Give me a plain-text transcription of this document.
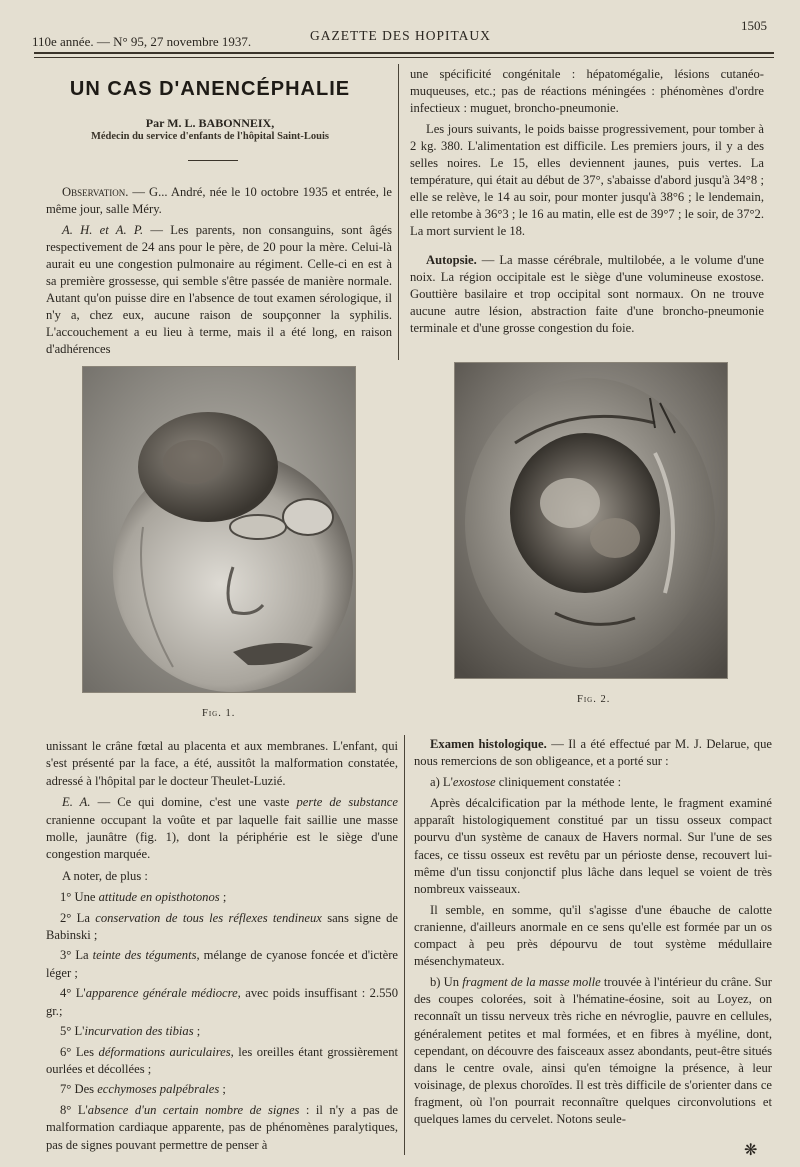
110e année. — N° 95, 27 novembre 1937.	GAZETTE DES HOPITAUX
1505
UN CAS D'ANENCÉPHALIE
Par M. L. BABONNEIX,
Médecin du service d'enfants de l'hôpital Saint-Louis

Observation. — G... André, née le 10 octobre 1935 et entrée, le même jour, salle Méry.

A. H. et A. P. — Les parents, non consanguins, sont âgés respectivement de 24 ans pour le père, de 20 pour la mère. Celui-là aurait eu une congestion pulmonaire au régiment. Celle-ci en est à sa première grossesse, qui semble s'être passée de manière normale. Autant qu'on puisse dire en l'absence de tout examen sérologique, il n'y a, chez eux, aucune raison de soupçonner la syphilis. L'accouchement a eu lieu à terme, mais il a été long, en raison d'adhérences

une spécificité congénitale : hépatomégalie, lésions cutanéo-muqueuses, etc.; pas de réactions méningées : phénomènes d'ordre infectieux : muguet, broncho-pneumonie.

Les jours suivants, le poids baisse progressivement, pour tomber à 2 kg. 380. L'alimentation est difficile. Les premiers jours, il y a des selles noires. Le 15, elles deviennent jaunes, puis vertes. La température, qui était au début de 37°, s'abaisse d'abord jusqu'à 34°8 ; elle se relève, le 14 au soir, pour monter jusqu'à 38°6 ; le lendemain, elle retombe à 36°3 ; le 16 au matin, elle est de 39°7 ; le soir, de 37°2. La mort survient le 18.

Autopsie. — La masse cérébrale, multilobée, a le volume d'une noix. La région occipitale est le siège d'une volumineuse exostose. Gouttière basilaire et trop occipital sont normaux. On ne trouve aucune autre lésion, abstraction faite d'une broncho-pneumonie terminale et d'une grosse congestion du foie.

Fig. 1.
Fig. 2.

unissant le crâne fœtal au placenta et aux membranes. L'enfant, qui s'est présenté par la face, a été, aussitôt la malformation constatée, adressé à l'hôpital par le docteur Theulet-Luzié.

E. A. — Ce qui domine, c'est une vaste perte de substance cranienne occupant la voûte et par laquelle fait saillie une masse molle, jaunâtre (fig. 1), dont la périphérie est le siège d'une congestion marquée.

A noter, de plus :

1° Une attitude en opisthotonos ;

2° La conservation de tous les réflexes tendineux sans signe de Babinski ;

3° La teinte des téguments, mélange de cyanose foncée et d'ictère léger ;

4° L'apparence générale médiocre, avec poids insuffisant : 2.550 gr.;

5° L'incurvation des tibias ;

6° Les déformations auriculaires, les oreilles étant grossièrement ourlées et décollées ;

7° Des ecchymoses palpébrales ;

8° L'absence d'un certain nombre de signes : il n'y a pas de malformation cardiaque apparente, pas de phénomènes paralytiques, pas de signes pouvant permettre de penser à

Examen histologique. — Il a été effectué par M. J. Delarue, que nous remercions de son obligeance, et a porté sur :

a) L'exostose cliniquement constatée :

Après décalcification par la méthode lente, le fragment examiné apparaît histologiquement constitué par un tissu osseux compact pourvu d'un système de canaux de Havers normal. Sur l'une de ses faces, ce tissu osseux est revêtu par un périoste dense, recouvert lui-même d'un tissu conjonctif plus lâche dans lequel se voient de très nombreux vaisseaux.

Il semble, en somme, qu'il s'agisse d'une ébauche de calotte cranienne, d'ailleurs anormale en ce sens qu'elle est formée par un os compact à peu près dépourvu de tout système médullaire mésenchymateux.

b) Un fragment de la masse molle trouvée à l'intérieur du crâne. Sur des coupes colorées, soit à l'hématine-éosine, soit au Loyez, on reconnaît un tissu nerveux très riche en névroglie, pauvre en cellules, généralement petites et mal formées, et en fibres à myéline, dont, cependant, on découvre des faisceaux assez abondants, peut-être situés dans le centre ovale, ainsi qu'en témoigne la présence, à leur voisinage, de plexus choroïdes. Il est très difficile de s'orienter dans ce fragment, où l'on pourrait reconnaître quelques circonvolutions et quelques lames du cervelet. Notons seule-

❋
